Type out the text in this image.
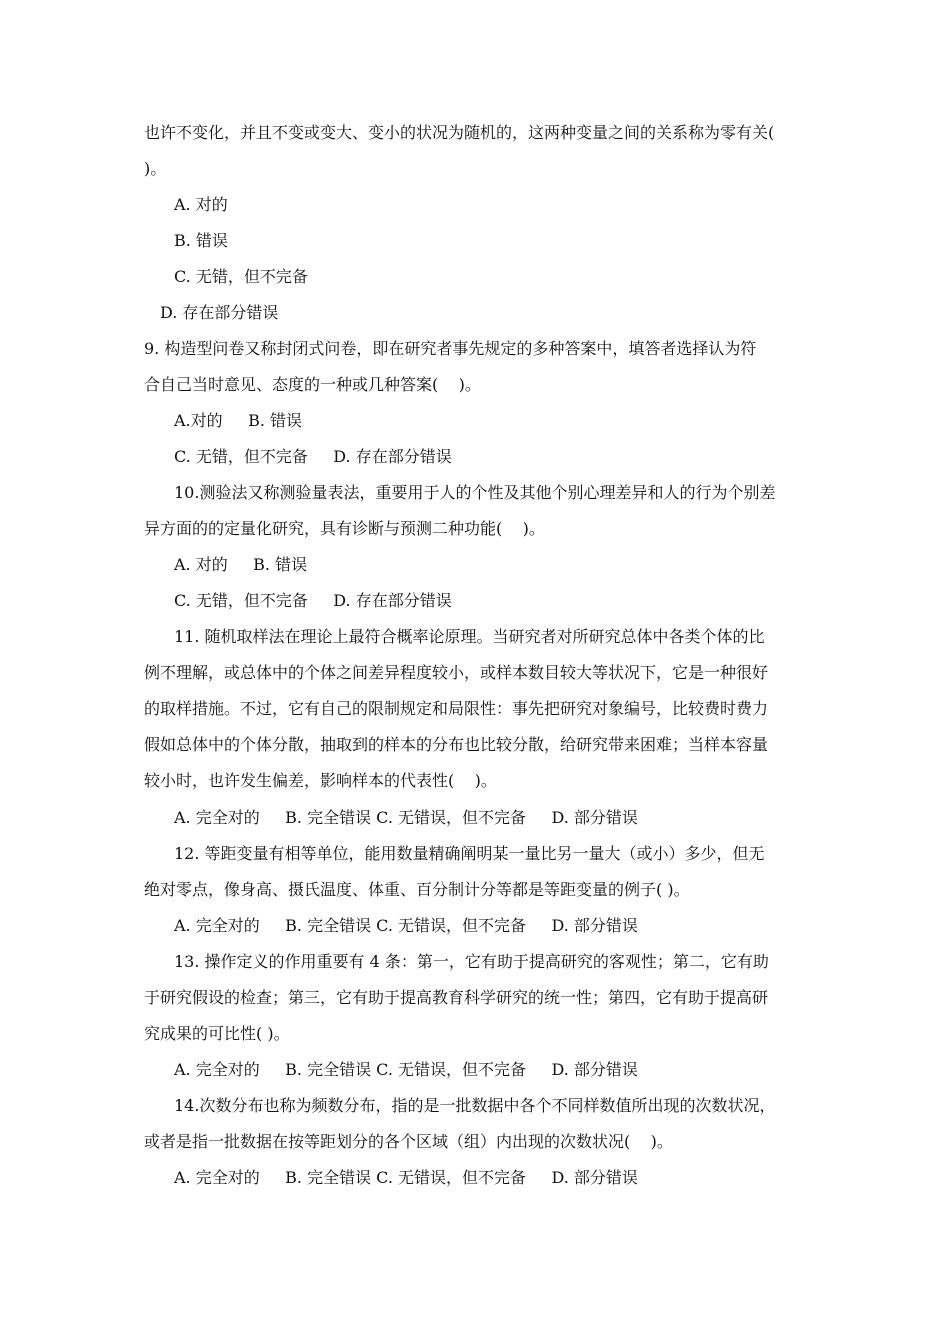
也许不变化，并且不变或变大、变小的状况为随机的，这两种变量之间的关系称为零有关(
)。
A. 对的
B. 错误
C. 无错，但不完备
D. 存在部分错误
9. 构造型问卷又称封闭式问卷，即在研究者事先规定的多种答案中，填答者选择认为符
合自己当时意见、态度的一种或几种答案(    )。
A.对的     B. 错误
C. 无错，但不完备     D. 存在部分错误
10.测验法又称测验量表法，重要用于人的个性及其他个别心理差异和人的行为个别差
异方面的的定量化研究，具有诊断与预测二种功能(    )。
A. 对的     B. 错误
C. 无错，但不完备     D. 存在部分错误
11. 随机取样法在理论上最符合概率论原理。当研究者对所研究总体中各类个体的比
例不理解，或总体中的个体之间差异程度较小，或样本数目较大等状况下，它是一种很好
的取样措施。不过，它有自己的限制规定和局限性：事先把研究对象编号，比较费时费力
假如总体中的个体分散，抽取到的样本的分布也比较分散，给研究带来困难；当样本容量
较小时，也许发生偏差，影响样本的代表性(    )。
A. 完全对的     B. 完全错误 C. 无错误，但不完备     D. 部分错误
12. 等距变量有相等单位，能用数量精确阐明某一量比另一量大（或小）多少，但无
绝对零点，像身高、摄氏温度、体重、百分制计分等都是等距变量的例子( )。
A. 完全对的     B. 完全错误 C. 无错误，但不完备     D. 部分错误
13. 操作定义的作用重要有 4 条：第一，它有助于提高研究的客观性；第二，它有助
于研究假设的检查；第三，它有助于提高教育科学研究的统一性；第四，它有助于提高研
究成果的可比性( )。
A. 完全对的     B. 完全错误 C. 无错误，但不完备     D. 部分错误
14.次数分布也称为频数分布，指的是一批数据中各个不同样数值所出现的次数状况，
或者是指一批数据在按等距划分的各个区域（组）内出现的次数状况(    )。
A. 完全对的     B. 完全错误 C. 无错误，但不完备     D. 部分错误
